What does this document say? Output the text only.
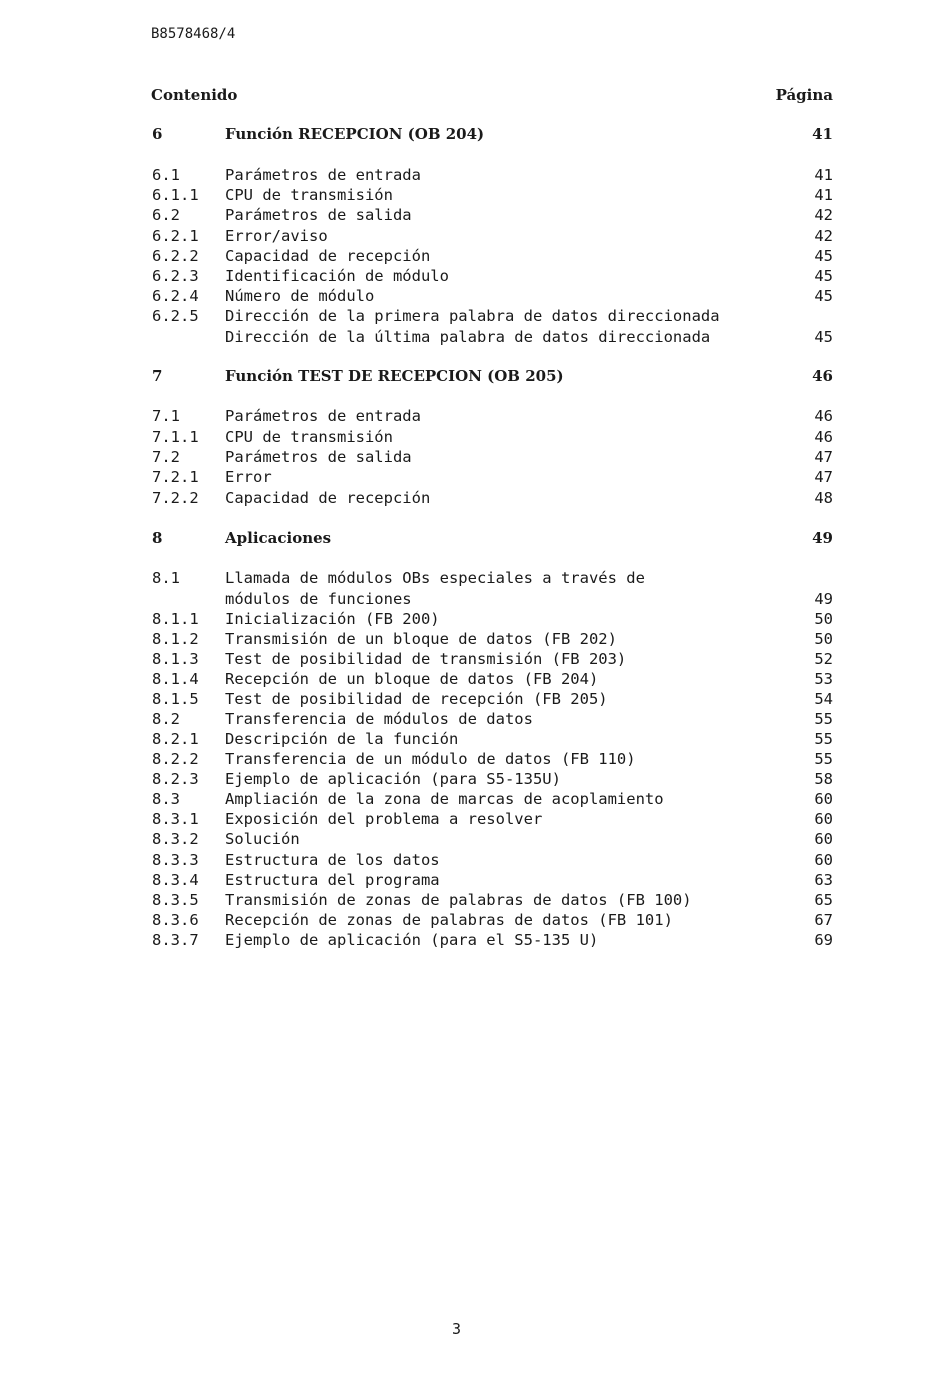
B8578468/4
Contenido	Página
6	Función RECEPCION (OB 204)	41
6.1	Parámetros de entrada	41
6.1.1 CPU de transmisión	41
6.2	Parámetros de salida	42
6.2.1 Error/aviso	42
6.2.2 Capacidad de recepción	45
6.2.3 Identificación de módulo	45
6.2.4 Número de módulo	45
6.2.5 Dirección de la primera palabra de datos direccionada
Dirección de la última palabra de datos direccionada	45
7	Función TEST DE RECEPCION (OB 205)	46
7.1	Parámetros de entrada	46
7.1.1 CPU de transmisión	46
7.2	Parámetros de salida	47
7.2.1 Error	47
7.2.2 Capacidad de recepción	48
8	Aplicaciones	49
8.1	Llamada de módulos OBs especiales a través de
módulos de funciones	49
8.1.1 Inicialización (FB 200)	50
8.1.2 Transmisión de un bloque de datos (FB 202)	50
8.1.3 Test de posibilidad de transmisión (FB 203)	52
8.1.4 Recepción de un bloque de datos (FB 204)	53
8.1.5 Test de posibilidad de recepción (FB 205)	54
8.2	Transferencia de módulos de datos	55
8.2.1 Descripción de la función	55
8.2.2 Transferencia de un módulo de datos (FB 110)	55
8.2.3 Ejemplo de aplicación (para S5-135U)	58
8.3	Ampliación de la zona de marcas de acoplamiento	60
8.3.1 Exposición del problema a resolver	60
8.3.2 Solución	60
8.3.3 Estructura de los datos	60
8.3.4 Estructura del programa	63
8.3.5 Transmisión de zonas de palabras de datos (FB 100)	65
8.3.6 Recepción de zonas de palabras de datos (FB 101)	67
8.3.7 Ejemplo de aplicación (para el S5-135 U)	69
3
